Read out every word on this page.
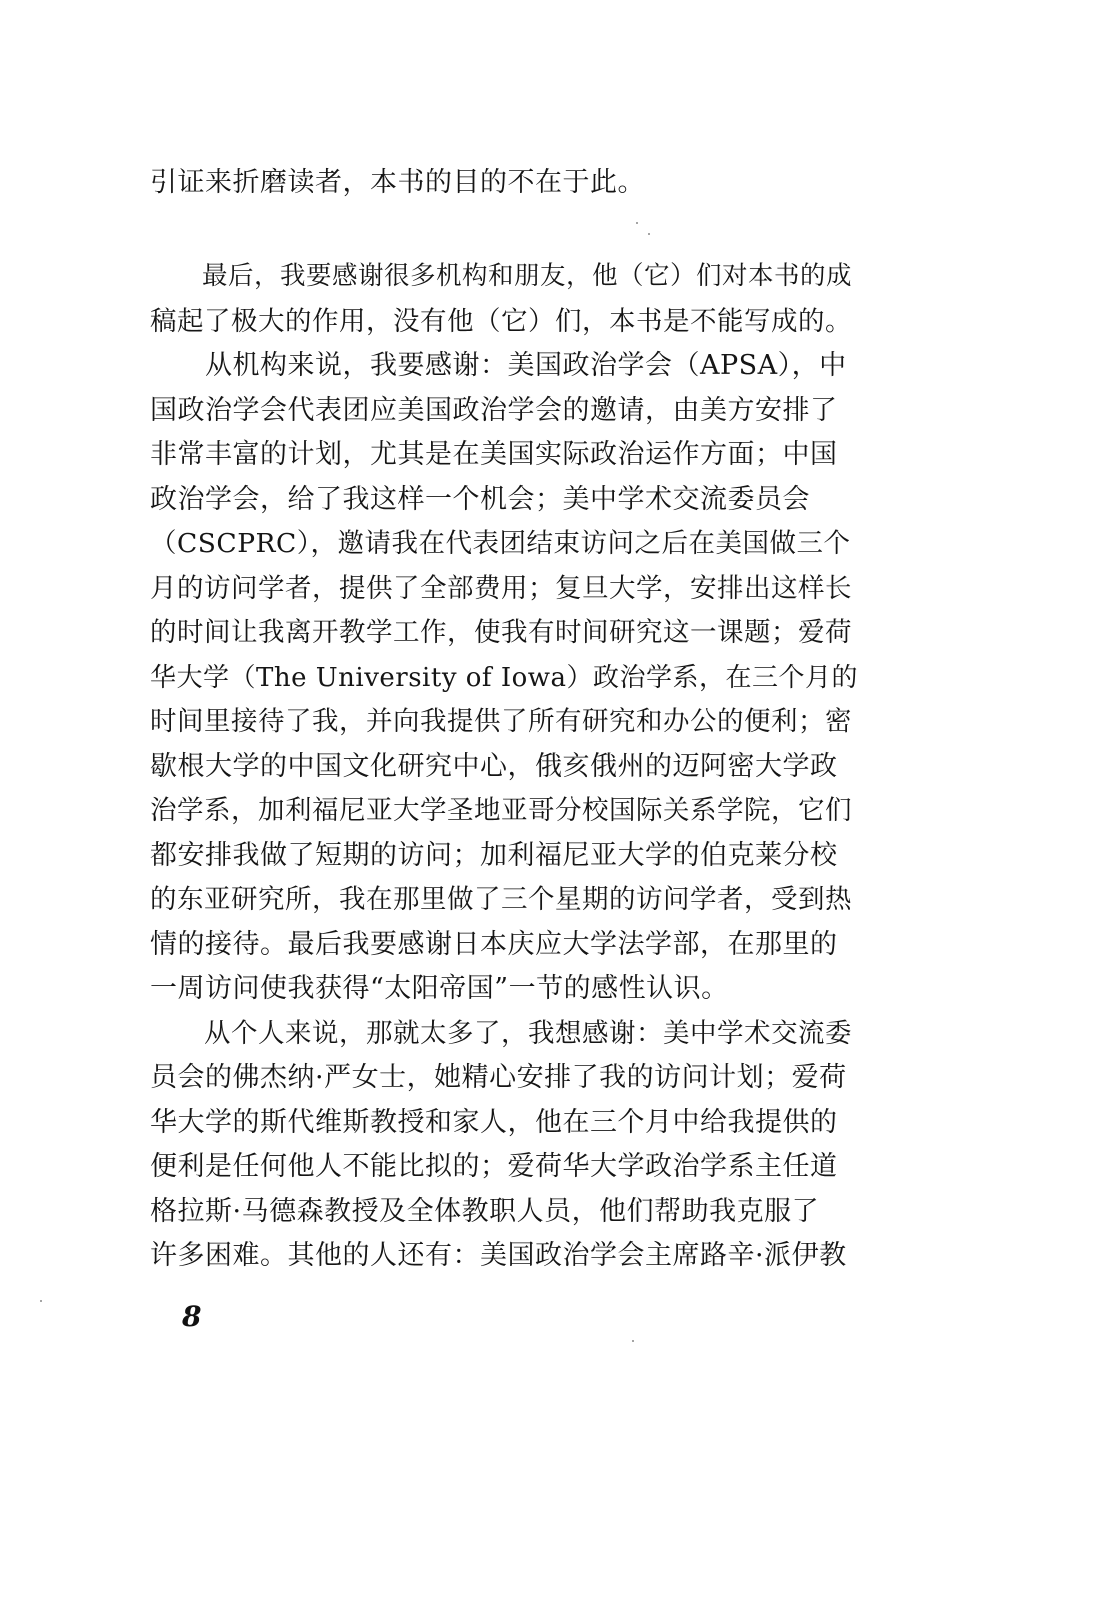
引证来折磨读者，本书的目的不在于此。
　　最后，我要感谢很多机构和朋友，他（它）们对本书的成
稿起了极大的作用，没有他（它）们，本书是不能写成的。
　　从机构来说，我要感谢：美国政治学会（APSA），中
国政治学会代表团应美国政治学会的邀请，由美方安排了
非常丰富的计划，尤其是在美国实际政治运作方面；中国
政治学会，给了我这样一个机会；美中学术交流委员会
（CSCPRC），邀请我在代表团结束访问之后在美国做三个
月的访问学者，提供了全部费用；复旦大学，安排出这样长
的时间让我离开教学工作，使我有时间研究这一课题；爱荷
华大学（The University of Iowa）政治学系，在三个月的
时间里接待了我，并向我提供了所有研究和办公的便利；密
歇根大学的中国文化研究中心，俄亥俄州的迈阿密大学政
治学系，加利福尼亚大学圣地亚哥分校国际关系学院，它们
都安排我做了短期的访问；加利福尼亚大学的伯克莱分校
的东亚研究所，我在那里做了三个星期的访问学者，受到热
情的接待。最后我要感谢日本庆应大学法学部，在那里的
一周访问使我获得“太阳帝国”一节的感性认识。
　　从个人来说，那就太多了，我想感谢：美中学术交流委
员会的佛杰纳·严女士，她精心安排了我的访问计划；爱荷
华大学的斯代维斯教授和家人，他在三个月中给我提供的
便利是任何他人不能比拟的；爱荷华大学政治学系主任道
格拉斯·马德森教授及全体教职人员，他们帮助我克服了
许多困难。其他的人还有：美国政治学会主席路辛·派伊教
8
